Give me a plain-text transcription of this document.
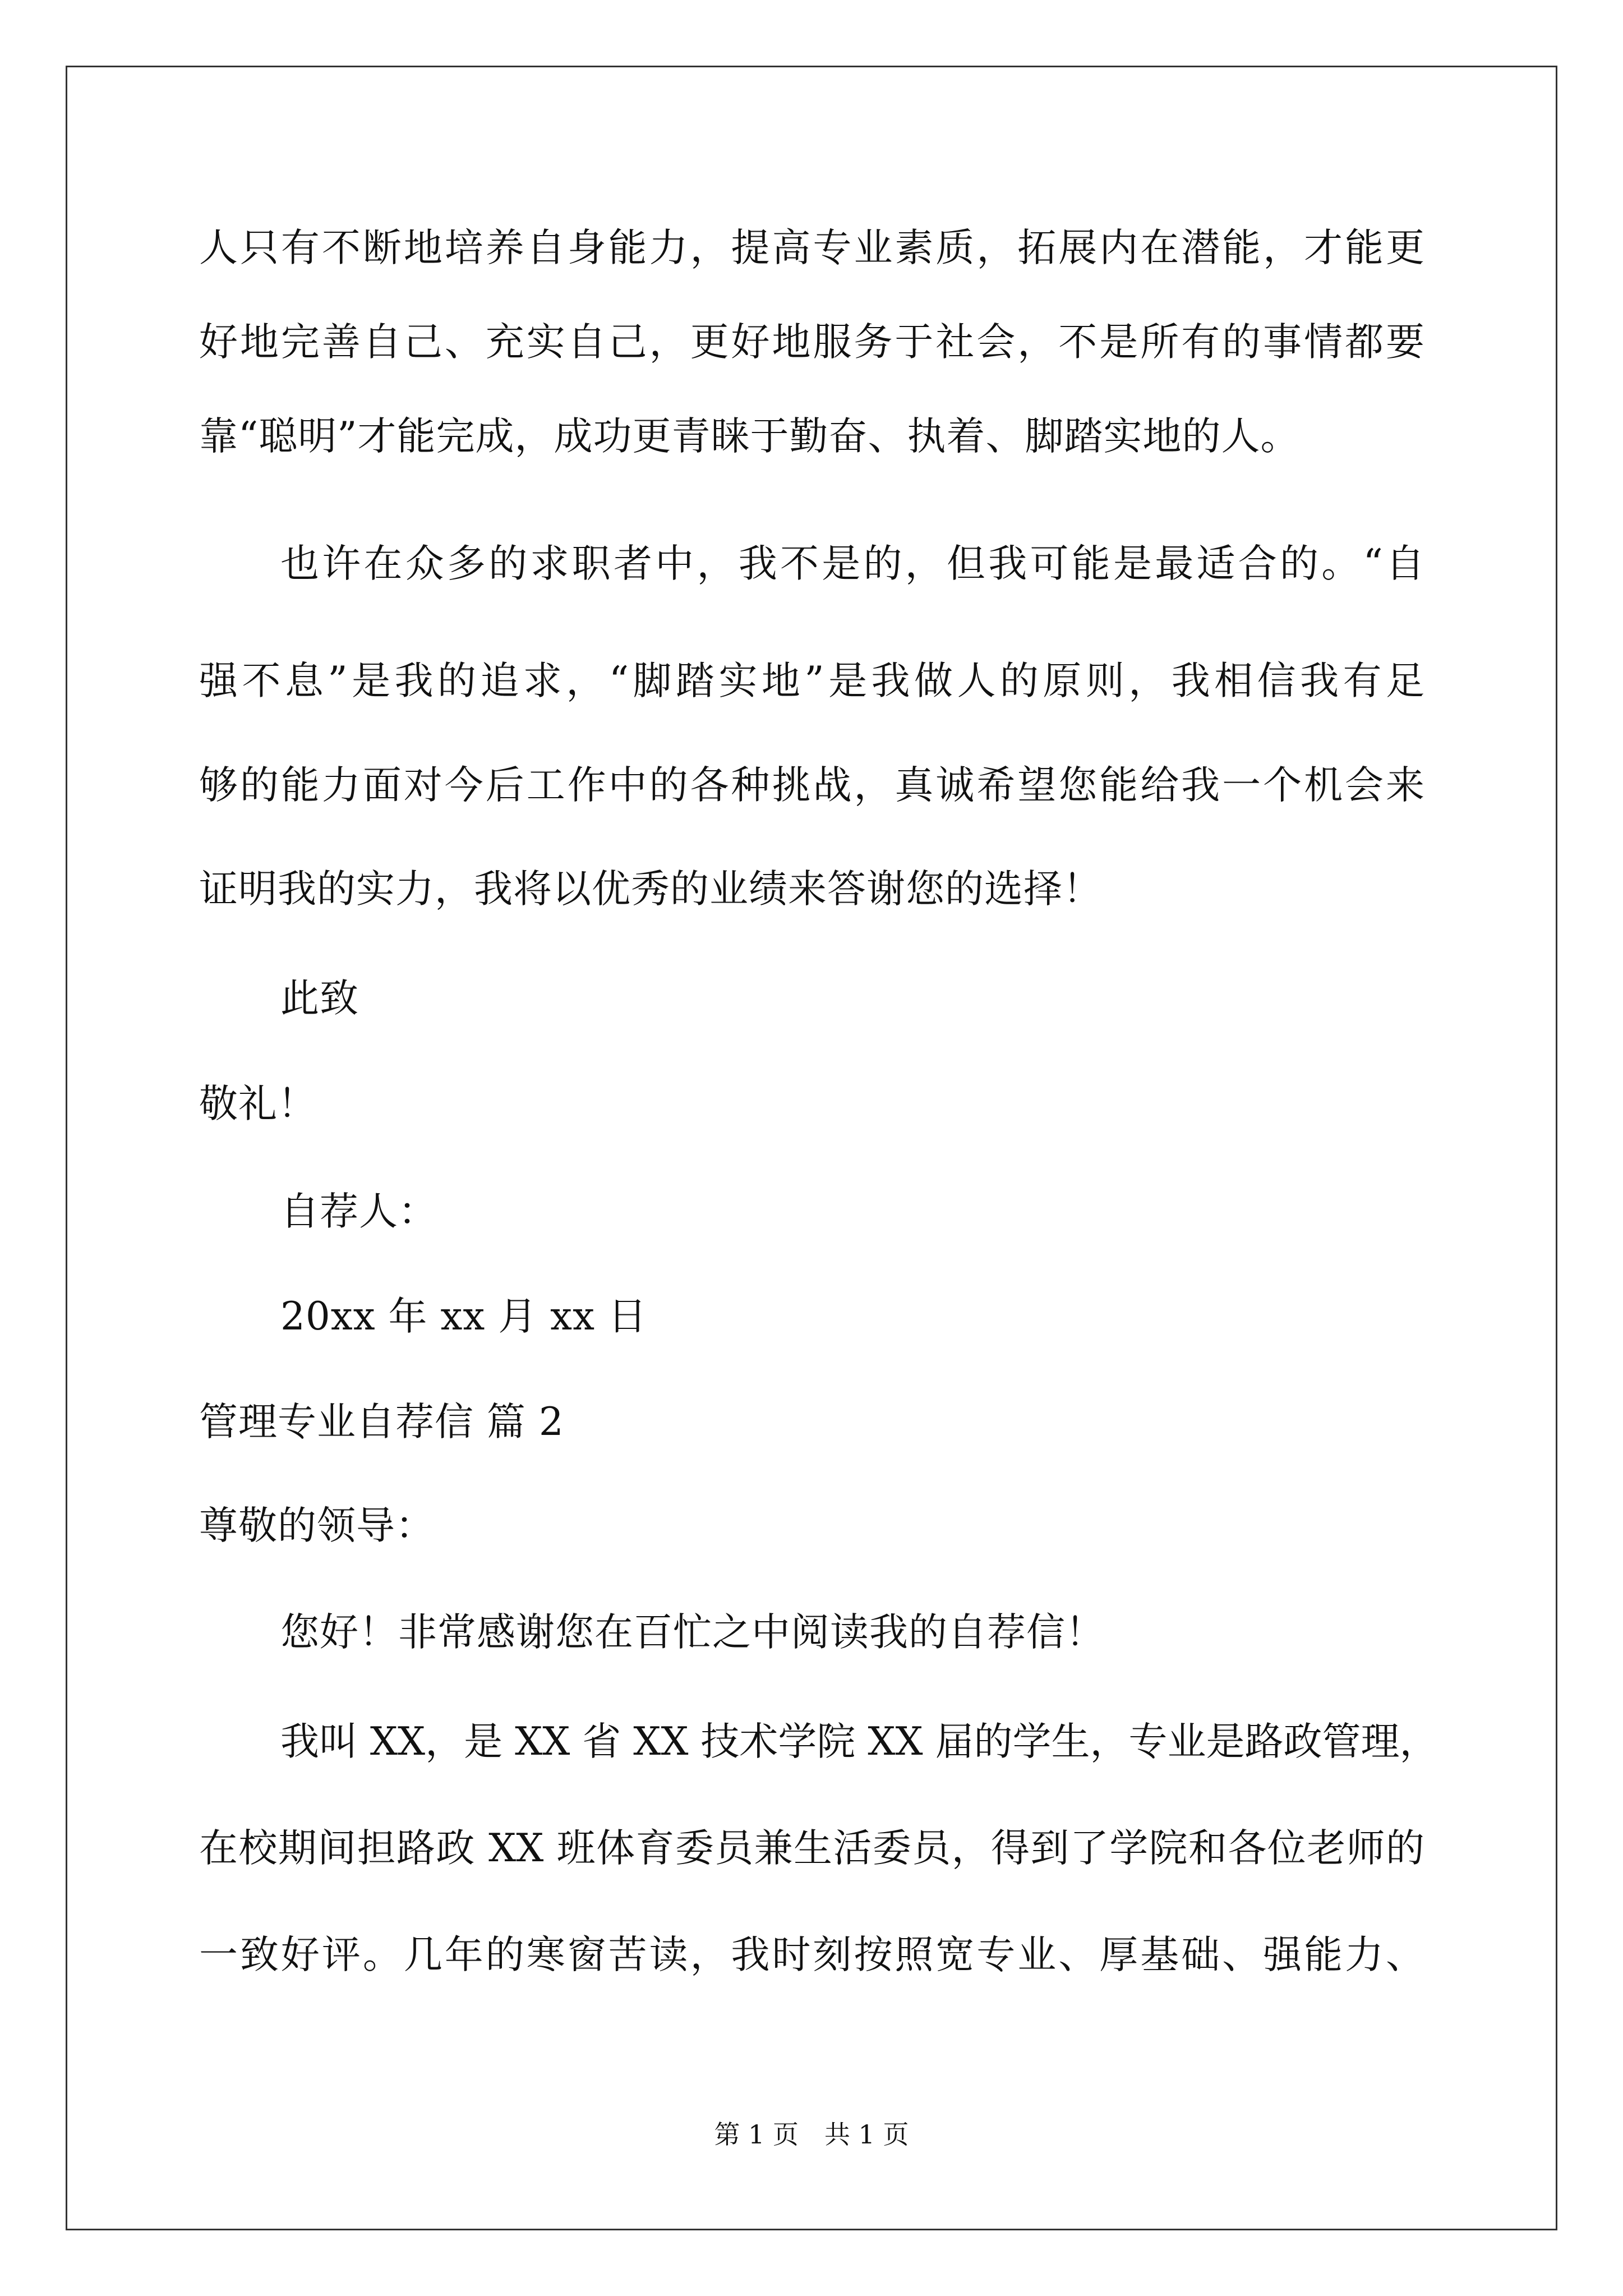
人只有不断地培养自身能力，提高专业素质，拓展内在潜能，才能更
好地完善自己、充实自己，更好地服务于社会，不是所有的事情都要
靠“聪明”才能完成，成功更青睐于勤奋、执着、脚踏实地的人。
也许在众多的求职者中，我不是的，但我可能是最适合的。“自
强不息”是我的追求，“脚踏实地”是我做人的原则，我相信我有足
够的能力面对今后工作中的各种挑战，真诚希望您能给我一个机会来
证明我的实力，我将以优秀的业绩来答谢您的选择！
此致
敬礼！
自荐人：
20xx 年 xx 月 xx 日
管理专业自荐信 篇 2
尊敬的领导：
您好！非常感谢您在百忙之中阅读我的自荐信！
我叫 XX，是 XX 省 XX 技术学院 XX 届的学生，专业是路政管理，
在校期间担路政 XX 班体育委员兼生活委员，得到了学院和各位老师的
一致好评。几年的寒窗苦读，我时刻按照宽专业、厚基础、强能力、
第 1 页　共 1 页
